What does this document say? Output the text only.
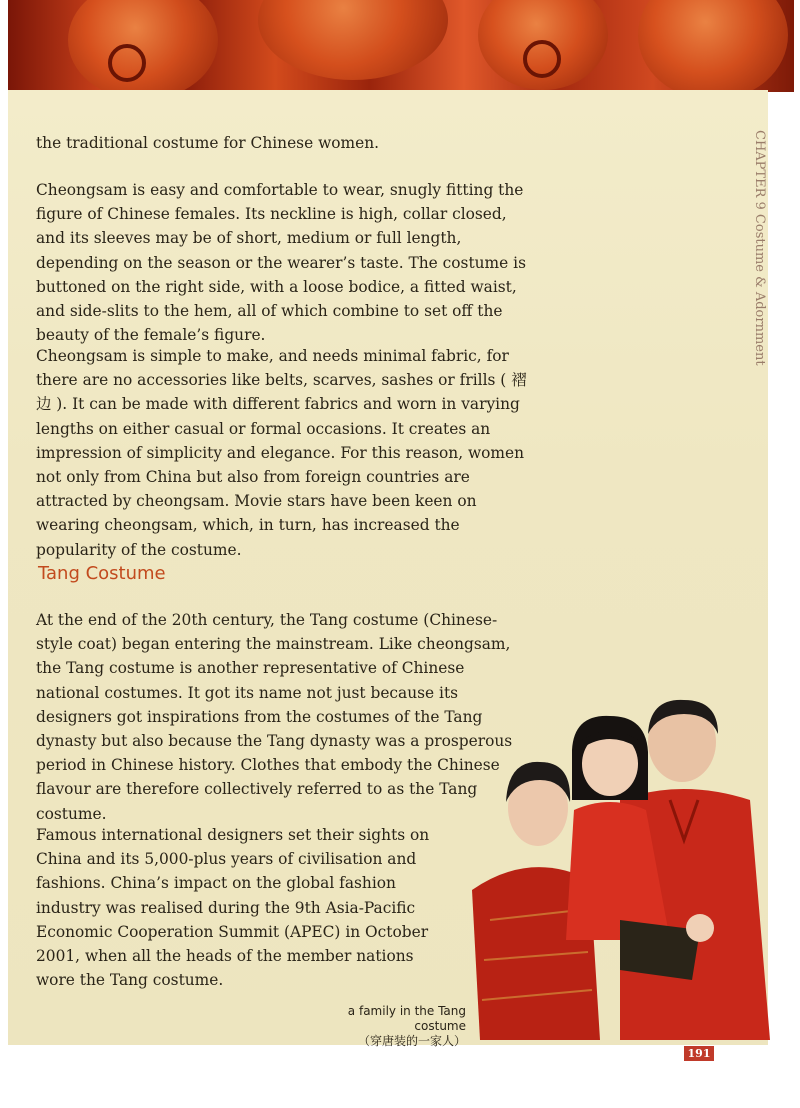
CHAPTER 9 Costume & Adornment

the traditional costume for Chinese women.

Cheongsam is easy and comfortable to wear, snugly fitting the figure of Chinese females. Its neckline is high, collar closed, and its sleeves may be of short, medium or full length, depending on the season or the wearer’s taste. The costume is buttoned on the right side, with a loose bodice, a fitted waist, and side-slits to the hem, all of which combine to set off the beauty of the female’s figure.

Cheongsam is simple to make, and needs minimal fabric, for there are no accessories like belts, scarves, sashes or frills ( 褶边 ). It can be made with different fabrics and worn in varying lengths on either casual or formal occasions. It creates an impression of simplicity and elegance. For this reason, women not only from China but also from foreign countries are attracted by cheongsam. Movie stars have been keen on wearing cheongsam, which, in turn, has increased the popularity of the costume.

Tang Costume

At the end of the 20th century, the Tang costume (Chinese-style coat) began entering the mainstream. Like cheongsam, the Tang costume is another representative of Chinese national costumes. It got its name not just because its designers got inspirations from the costumes of the Tang dynasty but also because the Tang dynasty was a prosperous period in Chinese history. Clothes that embody the Chinese flavour are therefore collectively referred to as the Tang costume.

Famous international designers set their sights on China and its 5,000-plus years of civilisation and fashions. China’s impact on the global fashion industry was realised during the 9th Asia-Pacific Economic Cooperation Summit (APEC) in October 2001, when all the heads of the member nations wore the Tang costume.

a family in the Tang costume
（穿唐装的一家人）
191
